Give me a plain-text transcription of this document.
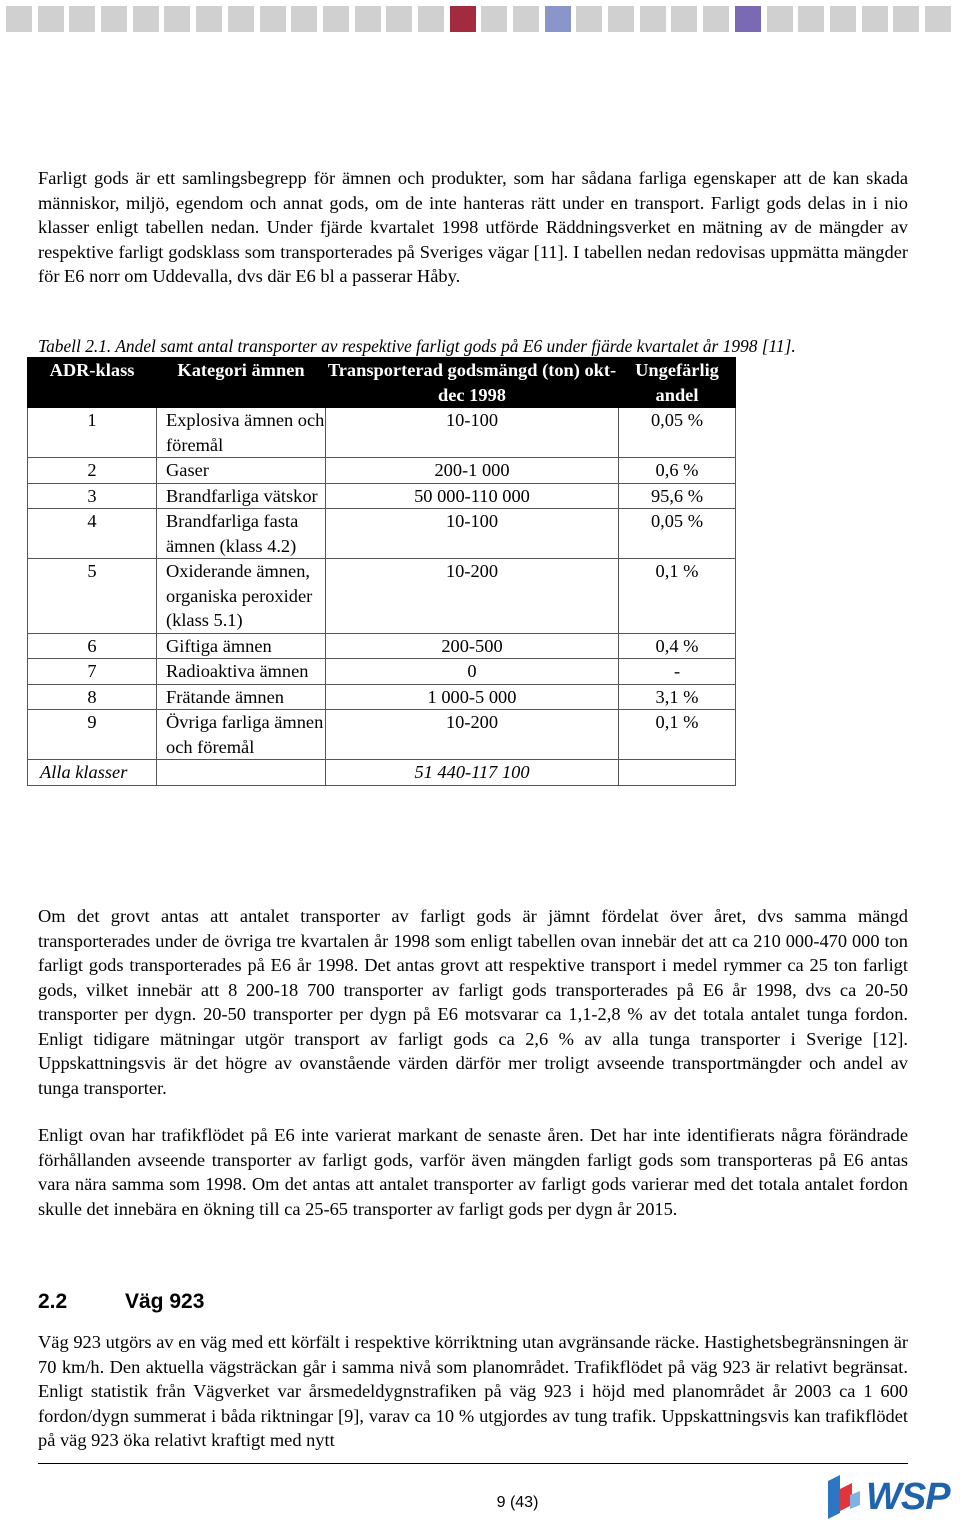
Farligt gods är ett samlingsbegrepp för ämnen och produkter, som har sådana farliga egenskaper att de kan skada människor, miljö, egendom och annat gods, om de inte hanteras rätt under en transport. Farligt gods delas in i nio klasser enligt tabellen nedan. Under fjärde kvartalet 1998 utförde Räddningsverket en mätning av de mängder av respektive farligt godsklass som transporterades på Sveriges vägar [11]. I tabellen nedan redovisas uppmätta mängder för E6 norr om Uddevalla, dvs där E6 bl a passerar Håby.
Tabell 2.1. Andel samt antal transporter av respektive farligt gods på E6 under fjärde kvartalet år 1998 [11].
ADR-klass	Kategori ämnen	Transporterad godsmängd (ton) okt-dec 1998	Ungefärlig andel
1	Explosiva ämnen och föremål	10-100	0,05 %
2	Gaser	200-1 000	0,6 %
3	Brandfarliga vätskor	50 000-110 000	95,6 %
4	Brandfarliga fasta ämnen (klass 4.2)	10-100	0,05 %
5	Oxiderande ämnen, organiska peroxider (klass 5.1)	10-200	0,1 %
6	Giftiga ämnen	200-500	0,4 %
7	Radioaktiva ämnen	0	-
8	Frätande ämnen	1 000-5 000	3,1 %
9	Övriga farliga ämnen och föremål	10-200	0,1 %
Alla klasser		51 440-117 100	
Om det grovt antas att antalet transporter av farligt gods är jämnt fördelat över året, dvs samma mängd transporterades under de övriga tre kvartalen år 1998 som enligt tabellen ovan innebär det att ca 210 000-470 000 ton farligt gods transporterades på E6 år 1998. Det antas grovt att respektive transport i medel rymmer ca 25 ton farligt gods, vilket innebär att 8 200-18 700 transporter av farligt gods transporterades på E6 år 1998, dvs ca 20-50 transporter per dygn. 20-50 transporter per dygn på E6 motsvarar ca 1,1-2,8 % av det totala antalet tunga fordon. Enligt tidigare mätningar utgör transport av farligt gods ca 2,6 % av alla tunga transporter i Sverige [12]. Uppskattningsvis är det högre av ovanstående värden därför mer troligt avseende transportmängder och andel av tunga transporter.
Enligt ovan har trafikflödet på E6 inte varierat markant de senaste åren. Det har inte identifierats några förändrade förhållanden avseende transporter av farligt gods, varför även mängden farligt gods som transporteras på E6 antas vara nära samma som 1998. Om det antas att antalet transporter av farligt gods varierar med det totala antalet fordon skulle det innebära en ökning till ca 25-65 transporter av farligt gods per dygn år 2015.
2.2	Väg 923
Väg 923 utgörs av en väg med ett körfält i respektive körriktning utan avgränsande räcke. Hastighetsbegränsningen är 70 km/h. Den aktuella vägsträckan går i samma nivå som planområdet. Trafikflödet på väg 923 är relativt begränsat. Enligt statistik från Vägverket var årsmedeldygnstrafiken på väg 923 i höjd med planområdet år 2003 ca 1 600 fordon/dygn summerat i båda riktningar [9], varav ca 10 % utgjordes av tung trafik. Uppskattningsvis kan trafikflödet på väg 923 öka relativt kraftigt med nytt
9 (43)	WSP
